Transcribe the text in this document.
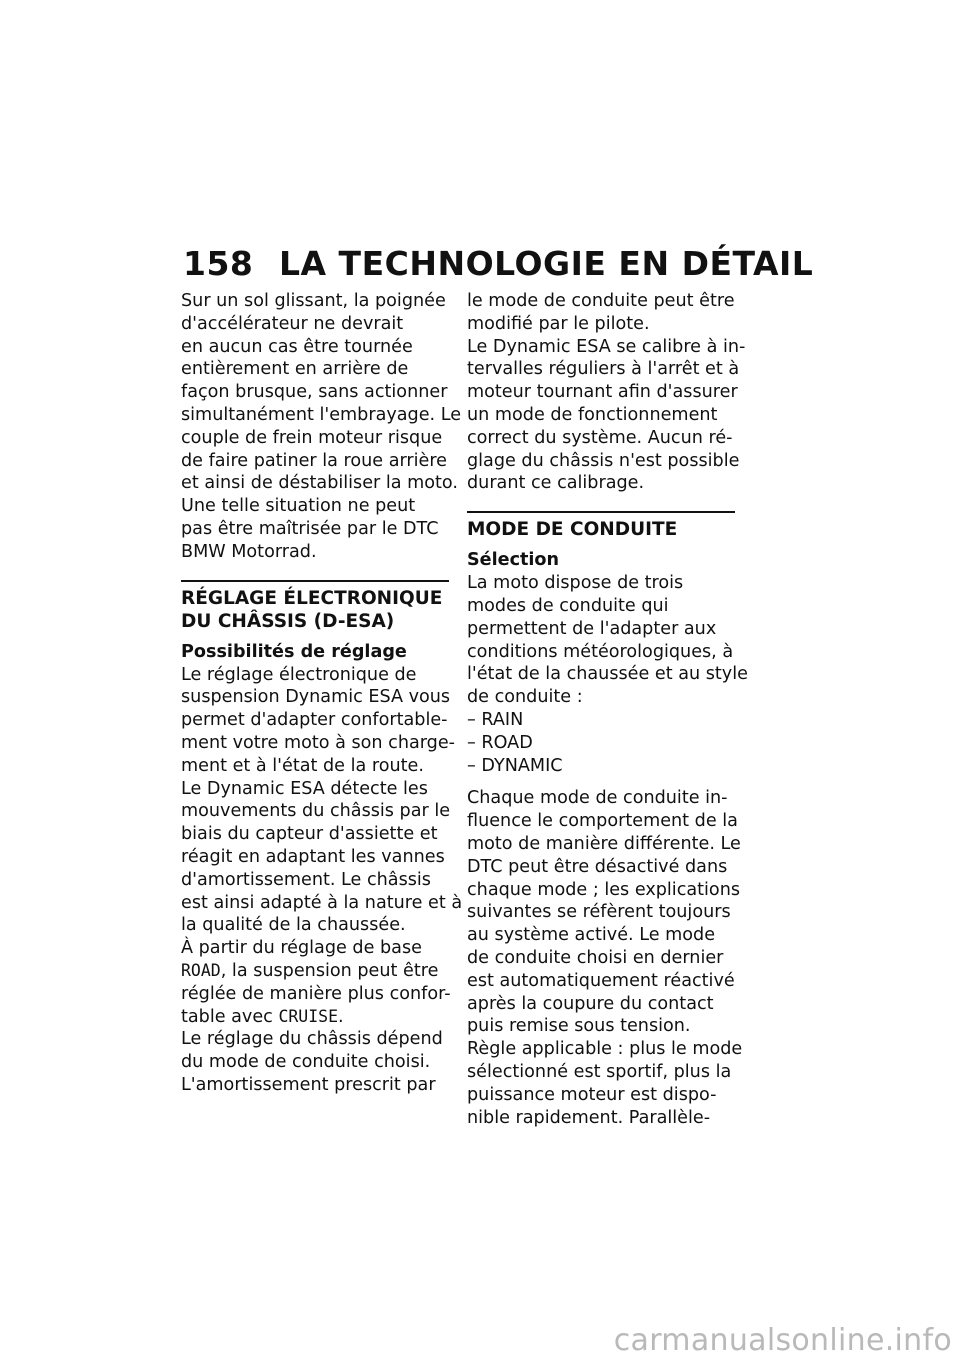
158 LA TECHNOLOGIE EN DÉTAIL

Sur un sol glissant, la poignée

d'accélérateur ne devrait

en aucun cas être tournée

entièrement en arrière de

façon brusque, sans actionner

simultanément l'embrayage. Le

couple de frein moteur risque

de faire patiner la roue arrière

et ainsi de déstabiliser la moto.

Une telle situation ne peut

pas être maîtrisée par le DTC

BMW Motorrad.

RÉGLAGE ÉLECTRONIQUE

DU CHÂSSIS (D-ESA)

Possibilités de réglage

Le réglage électronique de

suspension Dynamic ESA vous

permet d'adapter confortable-

ment votre moto à son charge-

ment et à l'état de la route.

Le Dynamic ESA détecte les

mouvements du châssis par le

biais du capteur d'assiette et

réagit en adaptant les vannes

d'amortissement. Le châssis

est ainsi adapté à la nature et à

la qualité de la chaussée.

À partir du réglage de base

ROAD, la suspension peut être

réglée de manière plus confor-

table avec CRUISE.

Le réglage du châssis dépend

du mode de conduite choisi.

L'amortissement prescrit par

le mode de conduite peut être

modifié par le pilote.

Le Dynamic ESA se calibre à in-

tervalles réguliers à l'arrêt et à

moteur tournant afin d'assurer

un mode de fonctionnement

correct du système. Aucun ré-

glage du châssis n'est possible

durant ce calibrage.

MODE DE CONDUITE

Sélection

La moto dispose de trois

modes de conduite qui

permettent de l'adapter aux

conditions météorologiques, à

l'état de la chaussée et au style

de conduite :

– RAIN

– ROAD

– DYNAMIC

Chaque mode de conduite in-

fluence le comportement de la

moto de manière différente. Le

DTC peut être désactivé dans

chaque mode ; les explications

suivantes se réfèrent toujours

au système activé. Le mode

de conduite choisi en dernier

est automatiquement réactivé

après la coupure du contact

puis remise sous tension.

Règle applicable : plus le mode

sélectionné est sportif, plus la

puissance moteur est dispo-

nible rapidement. Parallèle-

carmanualsonline.info
